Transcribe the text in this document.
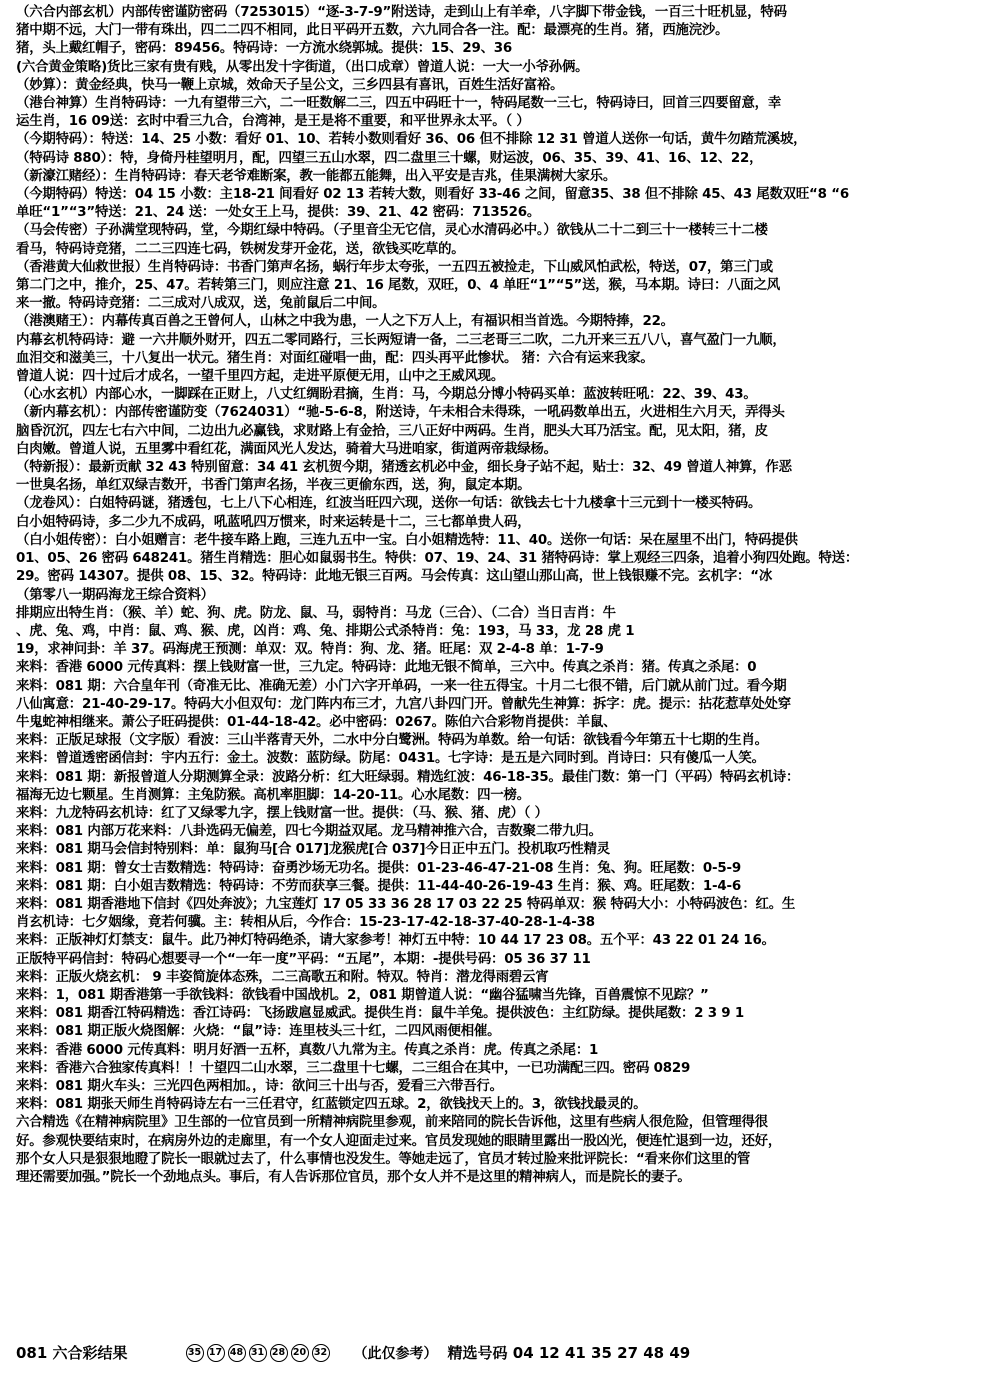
（六合内部玄机）内部传密谨防密码（7253015）“逐-3-7-9”附送诗，走到山上有羊牵，八字脚下带金钱，一百三十旺机显，特码
猪中期不远，大门一带有珠出，四二二四不相同，此日平码开五数，六九同合各一注。配：最漂亮的生肖。猪，西施浣沙。
猪，头上戴红帽子，密码：89456。特码诗：一方流水绕郭城。提供：15、29、36
(六合黄金策略)货比三家有贵有贱，从零出发十字街道，（出口成章）曾道人说：一大一小爷孙俩。
（妙算）：黄金经典，快马一鞭上京城，效命天子呈公文，三乡四县有喜讯，百姓生活好富裕。
（港台神算）生肖特码诗：一九有望带三六，二一旺数解二三，四五中码旺十一，特码尾数一三七，特码诗曰，回首三四要留意，幸
运生肖，16 09送：玄时中看三九合，台湾神，是王是将不重要，和平世界永太平。（ ）
（今期特码）：特送：14、25 小数：看好 01、10、若转小数则看好 36、06 但不排除 12 31 曾道人送你一句话，黄牛勿踏荒溪坡，
（特码诗 880）：特，身倚丹桂望明月，配，四望三五山水翠，四二盘里三十螺，财运波，06、35、39、41、16、12、22，
（新濠江赌经）：生肖特码诗：春天老爷难断案，教一能都五能舞，出入平安是吉兆，佳果满树大家乐。
（今期特码）特送：04 15 小数：主18-21 间看好 02 13 若转大数，则看好 33-46 之间，留意35、38 但不排除 45、43 尾数双旺“8 “6
单旺“1”“3”特送：21、24 送：一处女王上马，提供：39、21、42 密码：713526。
（马会传密）子孙满堂现特码，堂，今期红绿中特码。（子里音尘无它信，灵心水清码必中。）欲钱从二十二到三十一楼转三十二楼
看马，特码诗竞猪，二二三四连七码，铁树发芽开金花，送，欲钱买吃草的。
（香港黄大仙救世报）生肖特码诗：书香门第声名扬，蜗行年步太夸张，一五四五被捡走，下山威风怕武松，特送，07，第三门或
第二门之中，推介，25、47。若转第三门，则应注意 21、16 尾数，双旺，0、4 单旺“1”“5”送，猴，马本期。诗曰：八面之风
来一撤。特码诗竞猪：二三成对八成双，送，兔前鼠后二中间。
（港澳赌王）：内幕传真百兽之王曾何人，山林之中我为患，一人之下万人上，有福识相当首选。今期特捧，22。
内幕玄机特码诗：避 一六井顺外财开，四五二零同路行，三长两短请一备，二三老哥三二吹，二九开来三五八八，喜气盈门一九顺，
血泪交和滋美三，十八复出一状元。猪生肖：对面红碰唱一曲，配：四头再平此惨状。 猪：六合有运来我家。
曾道人说：四十过后才成名，一望千里四方起，走进平原便无用，山中之王威风现。
（心水玄机）内部心水，一脚踩在正财上，八丈红绸盼君摘，生肖：马，今期总分博小特码买单：蓝波转旺吼：22、39、43。
（新内幕玄机）：内部传密谨防变（7624031）“驰-5-6-8，附送诗，午未相合未得珠，一吼码数单出五，火进相生六月天，弄得头
脑昏沉沉，四左七右六中间，二边出九必赢钱，求财路上有金拾，三八正好中两码。生肖，肥头大耳乃活宝。配，见太阳，猪，皮
白肉嫩。曾道人说，五里雾中看红花，满面风光人发达，骑着大马进咱家，街道两帝栽绿杨。
（特新报）：最新贡献 32 43 特别留意：34 41 玄机贺今期，猪透玄机必中金，细长身子站不起，贴士：32、49 曾道人神算，作恶
一世臭名扬，单红双绿吉数开，书香门第声名扬，半夜三更偷东西，送，狗，鼠定本期。
（龙卷风）：白姐特码谜，猪透包，七上八下心相连，红波当旺四六现，送你一句话：欲钱去七十九楼拿十三元到十一楼买特码。
白小姐特码诗，多二少九不成码，吼蓝吼四万惯来，时来运转是十二，三七都单贵人码，
（白小姐传密）：白小姐赠言：老牛接车路上跑，三连九五中一宝。白小姐精选特：11、40。送你一句话：呆在屋里不出门，特码提供
01、05、26 密码 648241。猪生肖精选：胆心如鼠弱书生。特供：07、19、24、31 猪特码诗：掌上观经三四条，追着小狗四处跑。特送：
29。密码 14307。提供 08、15、32。特码诗：此地无银三百两。马会传真：这山望山那山高，世上钱银赚不完。玄机字：“冰
（第零八一期码海龙王综合资料）
排期应出特生肖：（猴、羊）蛇、狗、虎。防龙、鼠、马，弱特肖：马龙（三合）、（二合）当日吉肖：牛
、虎、兔、鸡，中肖：鼠、鸡、猴、虎，凶肖：鸡、兔、排期公式杀特肖：兔：193，马 33，龙 28 虎 1
19，求神问卦：羊 37。码海虎王预测：单双：双。特肖：狗、龙、猪。旺尾：双 2-4-8 单：1-7-9
来料：香港 6000 元传真料：摆上钱财富一世，三九定。特码诗：此地无银不简单，三六中。传真之杀肖：猪。传真之杀尾：0
来料：081 期：六合皇年刊（奇准无比、准确无差）小门六字开单码，一来一往五得宝。十月二七很不错，后门就从前门过。看今期
八仙寓意：21-40-29-17。特码大小但双句：龙门阵内布三才，九宫八卦四门开。曾献先生神算：拆字：虎。提示：拈花惹草处处穿
牛鬼蛇神相继来。萧公子旺码提供：01-44-18-42。必中密码：0267。陈伯六合彩物肖提供：羊鼠、
来料：正版足球报（文字版）看波：三山半落青天外，二水中分白鹭洲。特码为单数。给一句话：欲钱看今年第五十七期的生肖。
来料：曾道透密函信封：宇内五行：金土。波数：蓝防绿。防尾：0431。七字诗：是五是六同时到。肖诗曰：只有傻瓜一人笑。
来料：081 期：新报曾道人分期测算全录：波路分析：红大旺绿弱。精选红波：46-18-35。最佳门数：第一门（平码）特码玄机诗：
福海无边七颗星。生肖测算：主兔防猴。高机率胆脚：14-20-11。心水尾数：四一榜。
来料：九龙特码玄机诗：红了又绿零九字，摆上钱财富一世。提供：（马、猴、猪、虎）（ ）
来料：081 内部万花来料：八卦选码无偏差，四七今期益双尾。龙马精神推六合，吉数聚二带九归。
来料：081 期马会信封特别料：单：鼠狗马[合 017]龙猴虎[合 037]今日正中五门。投机取巧性精灵
来料：081 期：曾女士吉数精选：特码诗：奋勇沙场无功名。提供：01-23-46-47-21-08 生肖：兔、狗。旺尾数：0-5-9
来料：081 期：白小姐吉数精选：特码诗：不劳而获享三餐。提供：11-44-40-26-19-43 生肖：猴、鸡。旺尾数：1-4-6
来料：081 期香港地下信封《四处奔波》；九宝莲灯 17 05 33 36 28 17 03 22 25 特码单双：猴 特码大小：小特码波色：红。生
肖玄机诗：七夕姻缘，竟若何骥。主：转相从后，今作合：15-23-17-42-18-37-40-28-1-4-38
来料：正版神灯灯禁支：鼠牛。此乃神灯特码绝杀，请大家参考！神灯五中特：10 44 17 23 08。五个平：43 22 01 24 16。
正版特平码信封：特码心想要寻一个“一年一度”平码：“五尾”，本期：-提供号码：05 36 37 11
来料：正版火烧玄机： 9 丰姿简旋体态殊，二三高歌五和附。特双。特肖：潜龙得雨碧云宵
来料：1，081 期香港第一手欲钱料：欲钱看中国战机。2，081 期曾道人说：“幽谷猛啸当先锋，百兽震惊不见踪？”
来料：081 期香江特码精选：香江诗码：飞扬跋扈显威武。提供生肖：鼠牛羊兔。提供波色：主红防绿。提供尾数：2 3 9 1
来料：081 期正版火烧图解：火烧：“鼠”诗：连里枝头三十红，二四风雨便相催。
来料：香港 6000 元传真料：明月好酒一五杯，真数八九常为主。传真之杀肖：虎。传真之杀尾：1
来料：香港六合独家传真料！！十望四二山水翠，三二盘里十七螺，二三组合在其中，一已功满配三四。密码 0829
来料：081 期火车头：三光四色两相加。，诗：欲问三十出与否，爱看三六带吾行。
来料：081 期张天师生肖特码诗左右一三任君守，红蓝锁定四五球。2，欲钱找天上的。3，欲钱找最灵的。
六合精选《在精神病院里》卫生部的一位官员到一所精神病院里参观，前来陪同的院长告诉他，这里有些病人很危险，但管理得很
好。参观快要结束时，在病房外边的走廊里，有一个女人迎面走过来。官员发现她的眼睛里露出一股凶光，便连忙退到一边，还好，
那个女人只是狠狠地瞪了院长一眼就过去了，什么事情也没发生。等她走远了，官员才转过脸来批评院长：“看来你们这里的管
理还需要加强。”院长一个劲地点头。事后，有人告诉那位官员，那个女人并不是这里的精神病人，而是院长的妻子。
081 六合彩结果	35 17 48 31 28 20 32 （此仅参考） 精选号码 04 12 41 35 27 48 49
